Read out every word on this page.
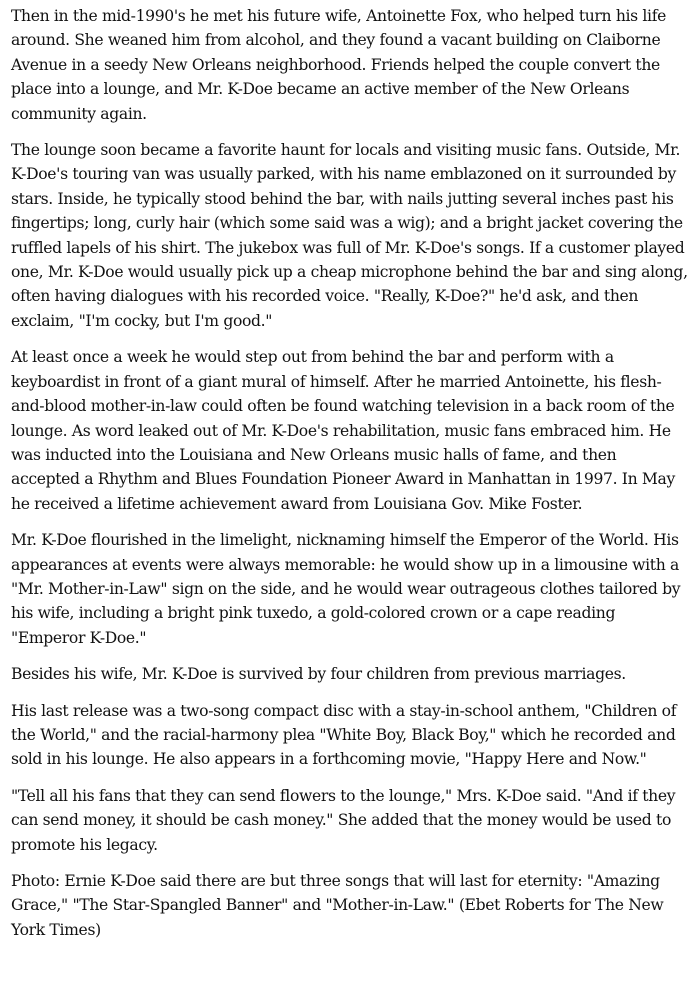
Then in the mid-1990's he met his future wife, Antoinette Fox, who helped turn his life around. She weaned him from alcohol, and they found a vacant building on Claiborne Avenue in a seedy New Orleans neighborhood. Friends helped the couple convert the place into a lounge, and Mr. K-Doe became an active member of the New Orleans community again.

The lounge soon became a favorite haunt for locals and visiting music fans. Outside, Mr. K-Doe's touring van was usually parked, with his name emblazoned on it surrounded by stars. Inside, he typically stood behind the bar, with nails jutting several inches past his fingertips; long, curly hair (which some said was a wig); and a bright jacket covering the ruffled lapels of his shirt. The jukebox was full of Mr. K-Doe's songs. If a customer played one, Mr. K-Doe would usually pick up a cheap microphone behind the bar and sing along, often having dialogues with his recorded voice. "Really, K-Doe?" he'd ask, and then exclaim, "I'm cocky, but I'm good."

At least once a week he would step out from behind the bar and perform with a keyboardist in front of a giant mural of himself. After he married Antoinette, his flesh-and-blood mother-in-law could often be found watching television in a back room of the lounge. As word leaked out of Mr. K-Doe's rehabilitation, music fans embraced him. He was inducted into the Louisiana and New Orleans music halls of fame, and then accepted a Rhythm and Blues Foundation Pioneer Award in Manhattan in 1997. In May he received a lifetime achievement award from Louisiana Gov. Mike Foster.

Mr. K-Doe flourished in the limelight, nicknaming himself the Emperor of the World. His appearances at events were always memorable: he would show up in a limousine with a "Mr. Mother-in-Law" sign on the side, and he would wear outrageous clothes tailored by his wife, including a bright pink tuxedo, a gold-colored crown or a cape reading "Emperor K-Doe."

Besides his wife, Mr. K-Doe is survived by four children from previous marriages.

His last release was a two-song compact disc with a stay-in-school anthem, "Children of the World," and the racial-harmony plea "White Boy, Black Boy," which he recorded and sold in his lounge. He also appears in a forthcoming movie, "Happy Here and Now."

"Tell all his fans that they can send flowers to the lounge," Mrs. K-Doe said. "And if they can send money, it should be cash money." She added that the money would be used to promote his legacy.

Photo: Ernie K-Doe said there are but three songs that will last for eternity: "Amazing Grace," "The Star-Spangled Banner" and "Mother-in-Law." (Ebet Roberts for The New York Times)
